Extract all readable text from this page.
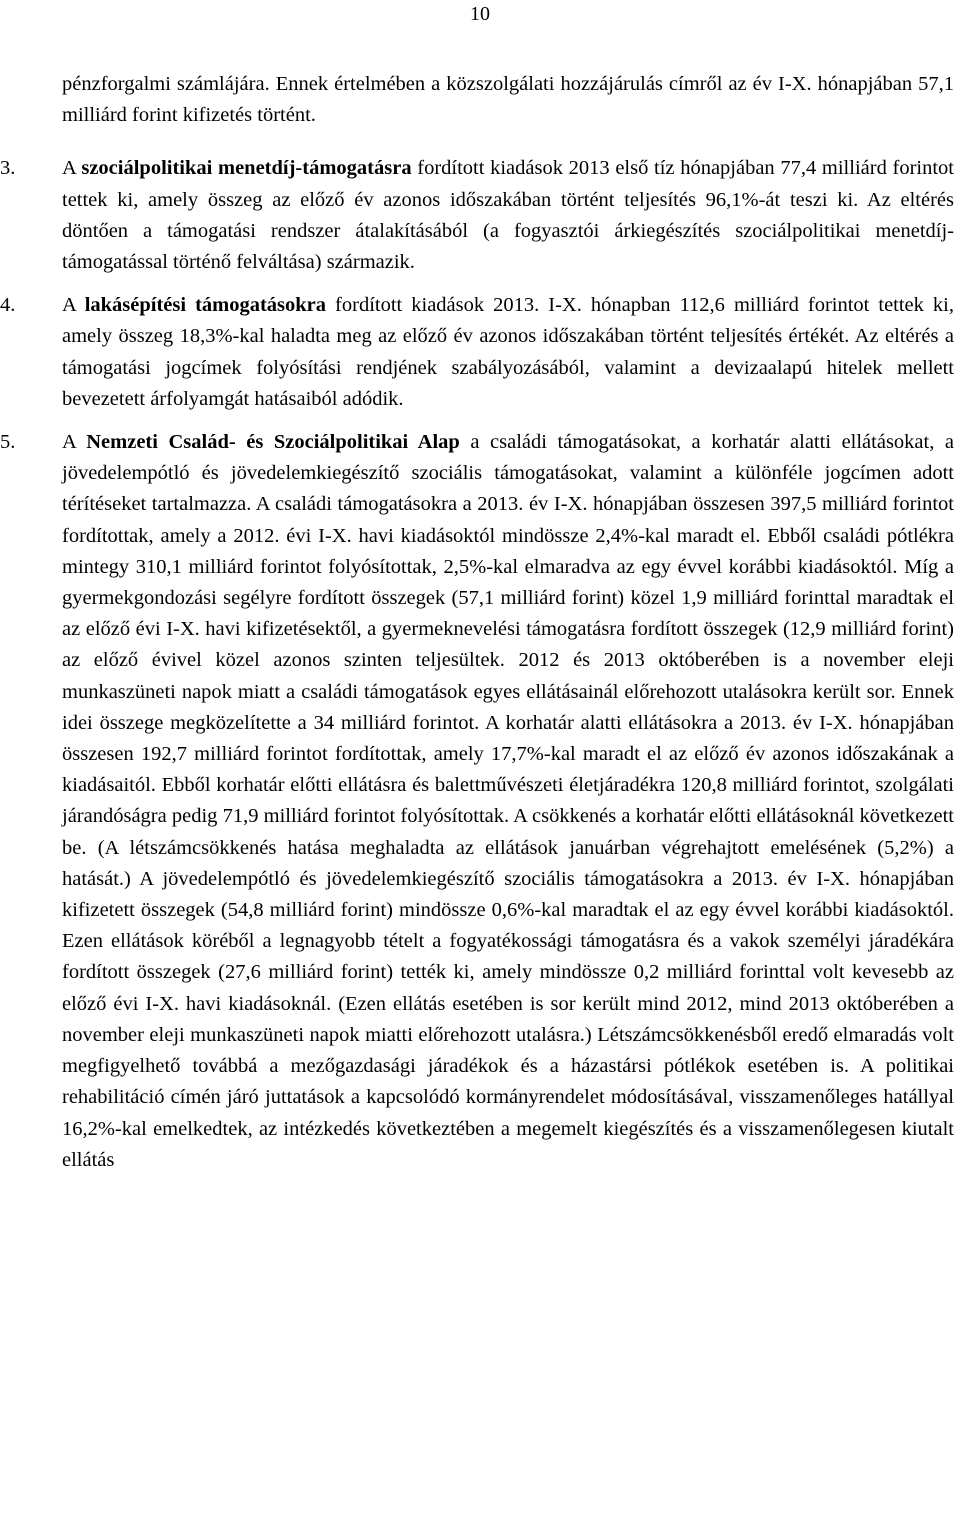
10

pénzforgalmi számlájára. Ennek értelmében a közszolgálati hozzájárulás címről az év I-X. hónapjában 57,1 milliárd forint kifizetés történt.

3.	A szociálpolitikai menetdíj-támogatásra fordított kiadások 2013 első tíz hónapjában 77,4 milliárd forintot tettek ki, amely összeg az előző év azonos időszakában történt teljesítés 96,1%-át teszi ki. Az eltérés döntően a támogatási rendszer átalakításából (a fogyasztói árkiegészítés szociálpolitikai menetdíj-támogatással történő felváltása) származik.
4.	A lakásépítési támogatásokra fordított kiadások 2013. I-X. hónapban 112,6 milliárd forintot tettek ki, amely összeg 18,3%-kal haladta meg az előző év azonos időszakában történt teljesítés értékét. Az eltérés a támogatási jogcímek folyósítási rendjének szabályozásából, valamint a devizaalapú hitelek mellett bevezetett árfolyamgát hatásaiból adódik.
5.	A Nemzeti Család- és Szociálpolitikai Alap a családi támogatásokat, a korhatár alatti ellátásokat, a jövedelempótló és jövedelemkiegészítő szociális támogatásokat, valamint a különféle jogcímen adott térítéseket tartalmazza. A családi támogatásokra a 2013. év I-X. hónapjában összesen 397,5 milliárd forintot fordítottak, amely a 2012. évi I-X. havi kiadásoktól mindössze 2,4%-kal maradt el. Ebből családi pótlékra mintegy 310,1 milliárd forintot folyósítottak, 2,5%-kal elmaradva az egy évvel korábbi kiadásoktól. Míg a gyermekgondozási segélyre fordított összegek (57,1 milliárd forint) közel 1,9 milliárd forinttal maradtak el az előző évi I-X. havi kifizetésektől, a gyermeknevelési támogatásra fordított összegek (12,9 milliárd forint) az előző évivel közel azonos szinten teljesültek. 2012 és 2013 októberében is a november eleji munkaszüneti napok miatt a családi támogatások egyes ellátásainál előrehozott utalásokra került sor. Ennek idei összege megközelítette a 34 milliárd forintot. A korhatár alatti ellátásokra a 2013. év I-X. hónapjában összesen 192,7 milliárd forintot fordítottak, amely 17,7%-kal maradt el az előző év azonos időszakának a kiadásaitól. Ebből korhatár előtti ellátásra és balettművészeti életjáradékra 120,8 milliárd forintot, szolgálati járandóságra pedig 71,9 milliárd forintot folyósítottak. A csökkenés a korhatár előtti ellátásoknál következett be. (A létszámcsökkenés hatása meghaladta az ellátások januárban végrehajtott emelésének (5,2%) a hatását.) A jövedelempótló és jövedelemkiegészítő szociális támogatásokra a 2013. év I-X. hónapjában kifizetett összegek (54,8 milliárd forint) mindössze 0,6%-kal maradtak el az egy évvel korábbi kiadásoktól. Ezen ellátások köréből a legnagyobb tételt a fogyatékossági támogatásra és a vakok személyi járadékára fordított összegek (27,6 milliárd forint) tették ki, amely mindössze 0,2 milliárd forinttal volt kevesebb az előző évi I-X. havi kiadásoknál. (Ezen ellátás esetében is sor került mind 2012, mind 2013 októberében a november eleji munkaszüneti napok miatti előrehozott utalásra.) Létszámcsökkenésből eredő elmaradás volt megfigyelhető továbbá a mezőgazdasági járadékok és a házastársi pótlékok esetében is. A politikai rehabilitáció címén járó juttatások a kapcsolódó kormányrendelet módosításával, visszamenőleges hatállyal 16,2%-kal emelkedtek, az intézkedés következtében a megemelt kiegészítés és a visszamenőlegesen kiutalt ellátás
